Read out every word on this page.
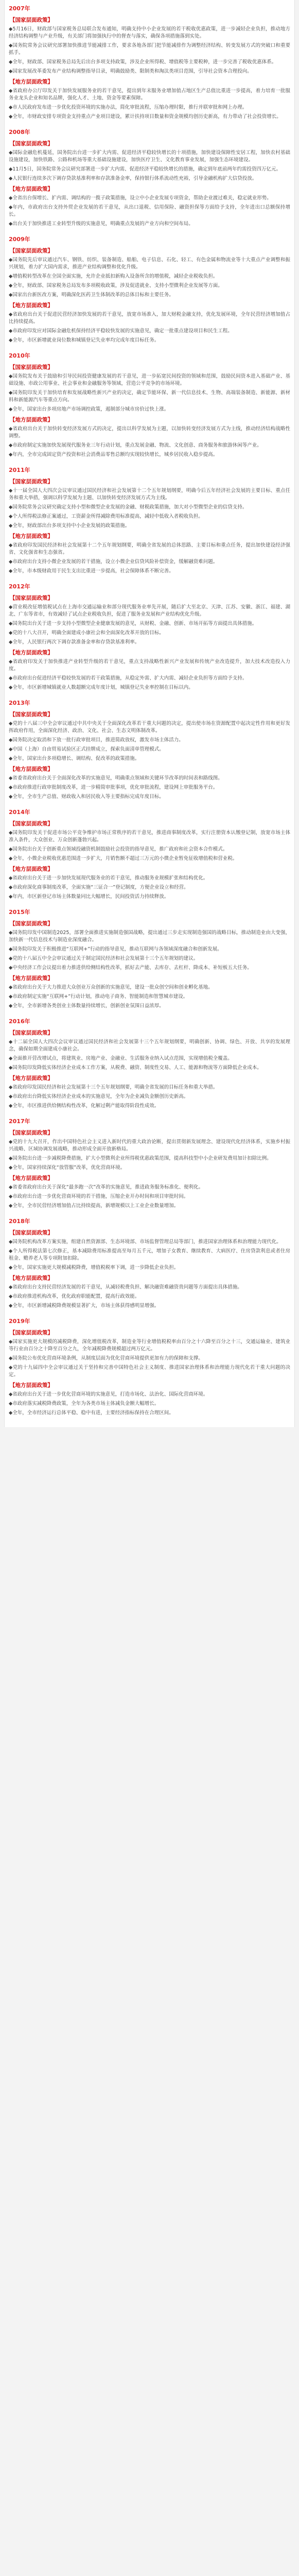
2007年
【国家层面政策】
◆5月16日，财政部与国家税务总局联合发布通知，明确支持中小企业发展的若干税收优惠政策，进一步减轻企业负担，推动地方经济结构调整与产业升级，有关部门将加强执行中的督查与落实，确保各项措施落到实处。
◆国务院常务会议研究部署加快推进节能减排工作，要求各地各部门把节能减排作为调整经济结构、转变发展方式的突破口和重要抓手。
◆全年，财政部、国家税务总局先后出台多项支持政策，涉及企业所得税、增值税等主要税种，进一步完善了税收优惠体系。
◆国家发展改革委发布产业结构调整指导目录，明确鼓励类、限制类和淘汰类项目范围，引导社会资本合理投向。
【地方层面政策】
◆省政府办公厅印发关于加快发展服务业的若干意见，提出到年末服务业增加值占地区生产总值比重进一步提高，着力培育一批服务业龙头企业和知名品牌，强化人才、土地、资金等要素保障。
◆市人民政府发布进一步优化投资环境的实施办法，简化审批流程，压缩办理时限，推行并联审批和网上办理。
◆全年，市财政安排专项资金支持重点产业项目建设，累计扶持项目数量和资金规模均创历史新高，有力带动了社会投资增长。
2008年
【国家层面政策】
◆国际金融危机蔓延，国务院出台进一步扩大内需、促进经济平稳较快增长的十项措施，加快建设保障性安居工程，加快农村基础设施建设，加快铁路、公路和机场等重大基础设施建设，加快医疗卫生、文化教育事业发展，加强生态环境建设。
◆11月5日，国务院常务会议研究部署进一步扩大内需、促进经济平稳较快增长的措施，确定到年底前两年约需投资四万亿元。
◆人民银行连续多次下调存贷款基准利率和存款准备金率，保持银行体系流动性充裕，引导金融机构扩大信贷投放。
【地方层面政策】
◆全省出台保增长、扩内需、调结构的一揽子政策措施，设立中小企业发展专项资金，帮助企业渡过难关，稳定就业形势。
◆年内，市政府出台支持外贸企业发展的若干意见，从出口退税、信用保险、融资担保等方面给予支持，全年进出口总额保持增长。
◆出台关于加快推进工业转型升级的实施意见，明确重点发展的产业方向和空间布局。
2009年
【国家层面政策】
◆国务院先后审议通过汽车、钢铁、纺织、装备制造、船舶、电子信息、石化、轻工、有色金属和物流业等十大重点产业调整和振兴规划，着力扩大国内需求，推进产业结构调整和优化升级。
◆增值税转型改革在全国全面实施，允许企业抵扣新购入设备所含的增值税，减轻企业税收负担。
◆全年，财政部、国家税务总局发布多项税收政策，涉及促进就业、支持小型微利企业发展等方面。
◆国家出台新医改方案，明确深化医药卫生体制改革的总体目标和主要任务。
【地方层面政策】
◆省政府出台关于促进民营经济加快发展的若干意见，放宽市场准入，加大财税金融支持，优化发展环境，全年民营经济增加值占比持续提高。
◆市政府印发应对国际金融危机保持经济平稳较快发展的实施意见，确定一批重点建设项目和民生工程。
◆全年，市区新增就业岗位数和城镇登记失业率均完成年度目标任务。
2010年
【国家层面政策】
◆国务院发布关于鼓励和引导民间投资健康发展的若干意见，进一步拓宽民间投资的领域和范围，鼓励民间资本进入基础产业、基础设施、市政公用事业、社会事业和金融服务等领域，营造公平竞争的市场环境。
◆国务院印发关于加快培育和发展战略性新兴产业的决定，确定节能环保、新一代信息技术、生物、高端装备制造、新能源、新材料和新能源汽车等重点方向。
◆全年，国家出台多项房地产市场调控政策，遏制部分城市房价过快上涨。
【地方层面政策】
◆省政府出台关于加快转变经济发展方式的决定，提出以科学发展为主题，以加快转变经济发展方式为主线，推动经济结构战略性调整。
◆市政府制定实施加快发展现代服务业三年行动计划，重点发展金融、物流、文化创意、商务服务和旅游休闲等产业。
◆年内，全市完成固定资产投资和社会消费品零售总额均实现较快增长，城乡居民收入稳步提高。
2011年
【国家层面政策】
◆十一届全国人大四次会议审议通过国民经济和社会发展第十二个五年规划纲要，明确今后五年经济社会发展的主要目标、重点任务和重大举措，强调以科学发展为主题、以加快转变经济发展方式为主线。
◆国务院常务会议研究确定支持小型和微型企业发展的金融、财税政策措施，加大对小型微型企业的信贷支持。
◆个人所得税法修正案通过，工资薪金所得减除费用标准提高，减轻中低收入者税收负担。
◆全年，财政部出台多项支持中小企业发展的政策措施。
【地方层面政策】
◆省政府印发国民经济和社会发展第十二个五年规划纲要，明确全省发展的总体思路、主要目标和重点任务，提出加快建设经济强省、文化强省和生态强省。
◆市政府出台支持小微企业发展的若干措施，设立小微企业信贷风险补偿资金，缓解融资难问题。
◆全年，市本级财政用于民生支出比重进一步提高，社会保障体系不断完善。
2012年
【国家层面政策】
◆营业税改征增值税试点在上海市交通运输业和部分现代服务业率先开展，随后扩大至北京、天津、江苏、安徽、浙江、福建、湖北、广东等省市，有效减轻了试点企业税收负担，促进了服务业发展和产业结构优化升级。
◆国务院出台关于进一步支持小型微型企业健康发展的意见，从财税、金融、创新、市场开拓等方面提出具体措施。
◆党的十八大召开，明确全面建成小康社会和全面深化改革开放的目标。
◆全年，人民银行两次下调存款准备金率和存贷款基准利率。
【地方层面政策】
◆省政府印发关于加快推进产业转型升级的若干意见，重点支持战略性新兴产业发展和传统产业改造提升，加大技术改造投入力度。
◆市政府出台促进经济平稳较快发展的若干政策措施，从稳定外需、扩大内需、减轻企业负担等方面给予支持。
◆全年，市区新增城镇就业人数超额完成年度计划，城镇登记失业率控制在目标以内。
2013年
【国家层面政策】
◆党的十八届三中全会审议通过中共中央关于全面深化改革若干重大问题的决定，提出使市场在资源配置中起决定性作用和更好发挥政府作用，全面深化经济、政治、文化、社会、生态文明体制改革。
◆国务院决定取消和下放一批行政审批项目，推进简政放权，激发市场主体活力。
◆中国（上海）自由贸易试验区正式挂牌成立，探索负面清单管理模式。
◆全年，国家出台多项稳增长、调结构、促改革的政策措施。
【地方层面政策】
◆省委省政府出台关于全面深化改革的实施意见，明确重点领域和关键环节改革的时间表和路线图。
◆市政府推进行政审批制度改革，进一步精简审批事项，优化审批流程，建设网上审批服务平台。
◆全年，全市生产总值、财政收入和居民收入等主要指标完成年度目标。
2014年
【国家层面政策】
◆国务院印发关于促进市场公平竞争维护市场正常秩序的若干意见，推进商事制度改革，实行注册资本认缴登记制，放宽市场主体准入条件，大众创业、万众创新蓬勃兴起。
◆国务院出台关于创新重点领域投融资机制鼓励社会投资的指导意见，推广政府和社会资本合作模式。
◆全年，小微企业税收优惠范围进一步扩大，月销售额不超过三万元的小微企业暂免征收增值税和营业税。
【地方层面政策】
◆省政府出台关于进一步加快发展现代服务业的若干意见，推动服务业规模扩张和结构优化。
◆市政府深化商事制度改革，全面实施“三证合一”登记制度，方便企业设立和经营。
◆年内，市区新登记市场主体数量同比大幅增长，民间投资活力持续释放。
2015年
【国家层面政策】
◆国务院印发中国制造2025，部署全面推进实施制造强国战略，提出通过三步走实现制造强国的战略目标，推动制造业由大变强，加快新一代信息技术与制造业深度融合。
◆国务院印发关于积极推进“互联网+”行动的指导意见，推动互联网与各领域深度融合和创新发展。
◆党的十八届五中全会审议通过关于制定国民经济和社会发展第十三个五年规划的建议。
◆中央经济工作会议提出着力推进供给侧结构性改革，抓好去产能、去库存、去杠杆、降成本、补短板五大任务。
【地方层面政策】
◆省政府出台关于大力推进大众创业万众创新的实施意见，建设一批众创空间和创业孵化基地。
◆市政府制定实施“互联网+”行动计划，推动电子商务、智能制造和智慧城市建设。
◆全年，全市新增各类创业主体数量持续增长，创新创业氛围日益浓厚。
2016年
【国家层面政策】
◆十二届全国人大四次会议审议通过国民经济和社会发展第十三个五年规划纲要，明确创新、协调、绿色、开放、共享的发展理念，确保如期全面建成小康社会。
◆全面推开营改增试点，将建筑业、房地产业、金融业、生活服务业纳入试点范围，实现增值税全覆盖。
◆国务院印发降低实体经济企业成本工作方案，从税费、融资、制度性交易、人工、能源和物流等方面降低企业成本。
【地方层面政策】
◆省政府印发国民经济和社会发展第十三个五年规划纲要，明确全省发展的目标任务和重大举措。
◆市政府出台降低实体经济企业成本的实施意见，全年为企业减负金额创历史新高。
◆全年，市区推进供给侧结构性改革，化解过剩产能取得阶段性成效。
2017年
【国家层面政策】
◆党的十九大召开，作出中国特色社会主义进入新时代的重大政治论断，提出贯彻新发展理念、建设现代化经济体系，实施乡村振兴战略、区域协调发展战略，推动形成全面开放新格局。
◆国务院出台进一步减税降费措施，扩大小型微利企业所得税优惠政策范围，提高科技型中小企业研发费用加计扣除比例。
◆全年，国家持续深化“放管服”改革，优化营商环境。
【地方层面政策】
◆省委省政府出台关于深化“最多跑一次”改革的实施意见，推进政务服务标准化、便利化。
◆市政府出台进一步优化营商环境的若干措施，压缩企业开办时间和项目审批时间。
◆全年，全市民营经济增加值占比持续提高，新增规模以上工业企业数量增加。
2018年
【国家层面政策】
◆国务院机构改革方案实施，组建自然资源部、生态环境部、市场监督管理总局等部门，推进国家治理体系和治理能力现代化。
◆个人所得税法第七次修正，基本减除费用标准提高至每月五千元，增加子女教育、继续教育、大病医疗、住房贷款利息或者住房租金、赡养老人等专项附加扣除。
◆全年，国家实施更大规模减税降费，增值税税率下调，进一步降低企业负担。
【地方层面政策】
◆省政府出台支持民营经济发展的若干意见，从减轻税费负担、解决融资难融资贵问题等方面提出具体措施。
◆市政府推进机构改革，优化政府职能配置，提高行政效能。
◆全年，市区新增减税降费规模显著扩大，市场主体获得感明显增强。
2019年
【国家层面政策】
◆国家实施更大规模的减税降费，深化增值税改革，制造业等行业增值税税率由百分之十六降至百分之十三，交通运输业、建筑业等行业由百分之十降至百分之九，全年减税降费规模超过两万亿元。
◆国务院公布优化营商环境条例，从制度层面为优化营商环境提供更加有力的保障和支撑。
◆党的十九届四中全会审议通过关于坚持和完善中国特色社会主义制度、推进国家治理体系和治理能力现代化若干重大问题的决定。
【地方层面政策】
◆省政府出台关于进一步优化营商环境的实施意见，打造市场化、法治化、国际化营商环境。
◆市政府落实减税降费政策，全年为各类市场主体减负金额大幅增长。
◆全年，全市经济运行总体平稳、稳中有进，主要经济指标保持在合理区间。
